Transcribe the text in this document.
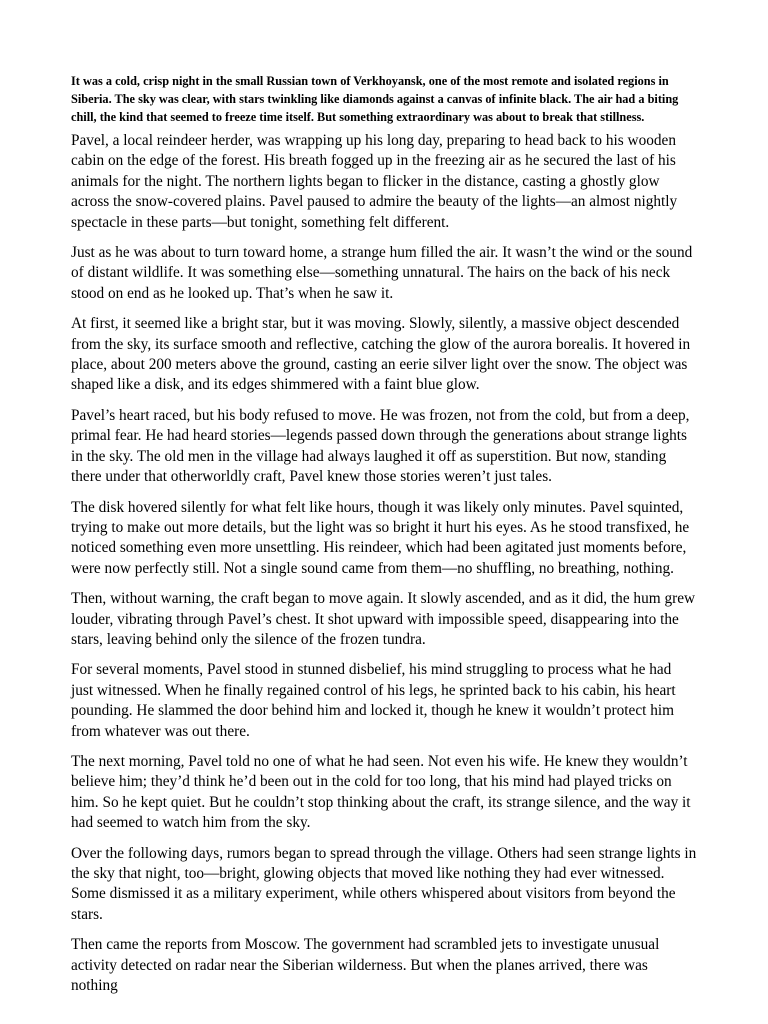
It was a cold, crisp night in the small Russian town of Verkhoyansk, one of the most remote and isolated regions in Siberia. The sky was clear, with stars twinkling like diamonds against a canvas of infinite black. The air had a biting chill, the kind that seemed to freeze time itself. But something extraordinary was about to break that stillness.

Pavel, a local reindeer herder, was wrapping up his long day, preparing to head back to his wooden cabin on the edge of the forest. His breath fogged up in the freezing air as he secured the last of his animals for the night. The northern lights began to flicker in the distance, casting a ghostly glow across the snow-covered plains. Pavel paused to admire the beauty of the lights—an almost nightly spectacle in these parts—but tonight, something felt different.

Just as he was about to turn toward home, a strange hum filled the air. It wasn’t the wind or the sound of distant wildlife. It was something else—something unnatural. The hairs on the back of his neck stood on end as he looked up. That’s when he saw it.

At first, it seemed like a bright star, but it was moving. Slowly, silently, a massive object descended from the sky, its surface smooth and reflective, catching the glow of the aurora borealis. It hovered in place, about 200 meters above the ground, casting an eerie silver light over the snow. The object was shaped like a disk, and its edges shimmered with a faint blue glow.

Pavel’s heart raced, but his body refused to move. He was frozen, not from the cold, but from a deep, primal fear. He had heard stories—legends passed down through the generations about strange lights in the sky. The old men in the village had always laughed it off as superstition. But now, standing there under that otherworldly craft, Pavel knew those stories weren’t just tales.

The disk hovered silently for what felt like hours, though it was likely only minutes. Pavel squinted, trying to make out more details, but the light was so bright it hurt his eyes. As he stood transfixed, he noticed something even more unsettling. His reindeer, which had been agitated just moments before, were now perfectly still. Not a single sound came from them—no shuffling, no breathing, nothing.

Then, without warning, the craft began to move again. It slowly ascended, and as it did, the hum grew louder, vibrating through Pavel’s chest. It shot upward with impossible speed, disappearing into the stars, leaving behind only the silence of the frozen tundra.

For several moments, Pavel stood in stunned disbelief, his mind struggling to process what he had just witnessed. When he finally regained control of his legs, he sprinted back to his cabin, his heart pounding. He slammed the door behind him and locked it, though he knew it wouldn’t protect him from whatever was out there.

The next morning, Pavel told no one of what he had seen. Not even his wife. He knew they wouldn’t believe him; they’d think he’d been out in the cold for too long, that his mind had played tricks on him. So he kept quiet. But he couldn’t stop thinking about the craft, its strange silence, and the way it had seemed to watch him from the sky.

Over the following days, rumors began to spread through the village. Others had seen strange lights in the sky that night, too—bright, glowing objects that moved like nothing they had ever witnessed. Some dismissed it as a military experiment, while others whispered about visitors from beyond the stars.

Then came the reports from Moscow. The government had scrambled jets to investigate unusual activity detected on radar near the Siberian wilderness. But when the planes arrived, there was nothing
